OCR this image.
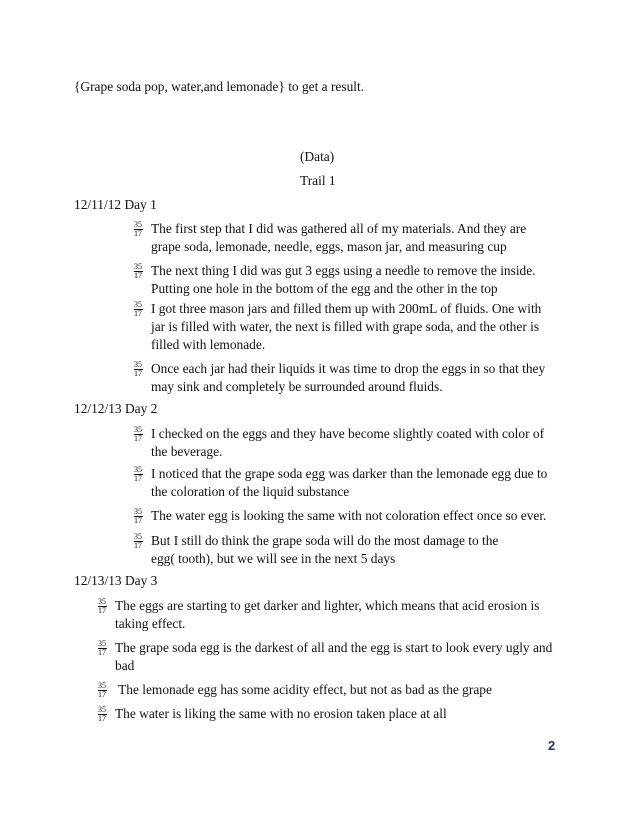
{Grape soda pop, water,and lemonade} to get a result.

(Data)

Trail 1

12/11/12 Day 1

35
17 The first step that I did was gathered all of my materials. And they are
grape soda, lemonade, needle, eggs, mason jar, and measuring cup
35
17 The next thing I did was gut 3 eggs using a needle to remove the inside.
Putting one hole in the bottom of the egg and the other in the top
35
17 I got three mason jars and filled them up with 200mL of fluids. One with
jar is filled with water, the next is filled with grape soda, and the other is
filled with lemonade.
35
17 Once each jar had their liquids it was time to drop the eggs in so that they
may sink and completely be surrounded around fluids.

12/12/13 Day 2

35
17 I checked on the eggs and they have become slightly coated with color of
the beverage.
35
17 I noticed that the grape soda egg was darker than the lemonade egg due to
the coloration of the liquid substance
35
17 The water egg is looking the same with not coloration effect once so ever.
35
17 But I still do think the grape soda will do the most damage to the
egg( tooth), but we will see in the next 5 days

12/13/13 Day 3

35
17 The eggs are starting to get darker and lighter, which means that acid erosion is
taking effect.
35
17 The grape soda egg is the darkest of all and the egg is start to look every ugly and
bad
35
17 The lemonade egg has some acidity effect, but not as bad as the grape
35
17 The water is liking the same with no erosion taken place at all
2
